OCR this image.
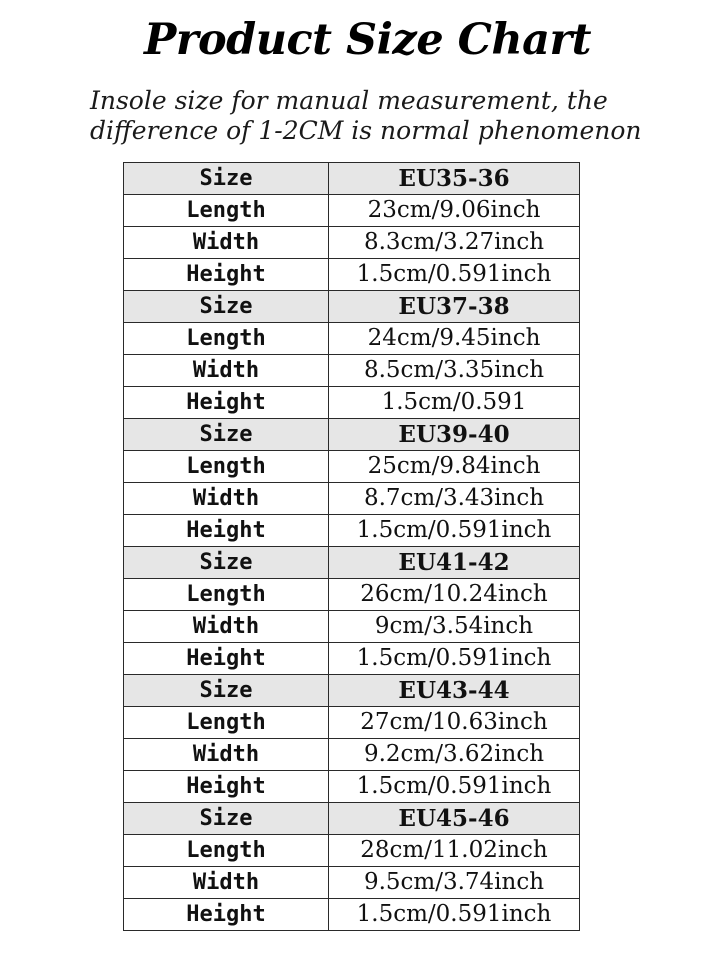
Product Size Chart
Insole size for manual measurement, the
difference of 1-2CM is normal phenomenon
Size	EU35-36
Length	23cm/9.06inch
Width	8.3cm/3.27inch
Height	1.5cm/0.591inch
Size	EU37-38
Length	24cm/9.45inch
Width	8.5cm/3.35inch
Height	1.5cm/0.591
Size	EU39-40
Length	25cm/9.84inch
Width	8.7cm/3.43inch
Height	1.5cm/0.591inch
Size	EU41-42
Length	26cm/10.24inch
Width	9cm/3.54inch
Height	1.5cm/0.591inch
Size	EU43-44
Length	27cm/10.63inch
Width	9.2cm/3.62inch
Height	1.5cm/0.591inch
Size	EU45-46
Length	28cm/11.02inch
Width	9.5cm/3.74inch
Height	1.5cm/0.591inch
